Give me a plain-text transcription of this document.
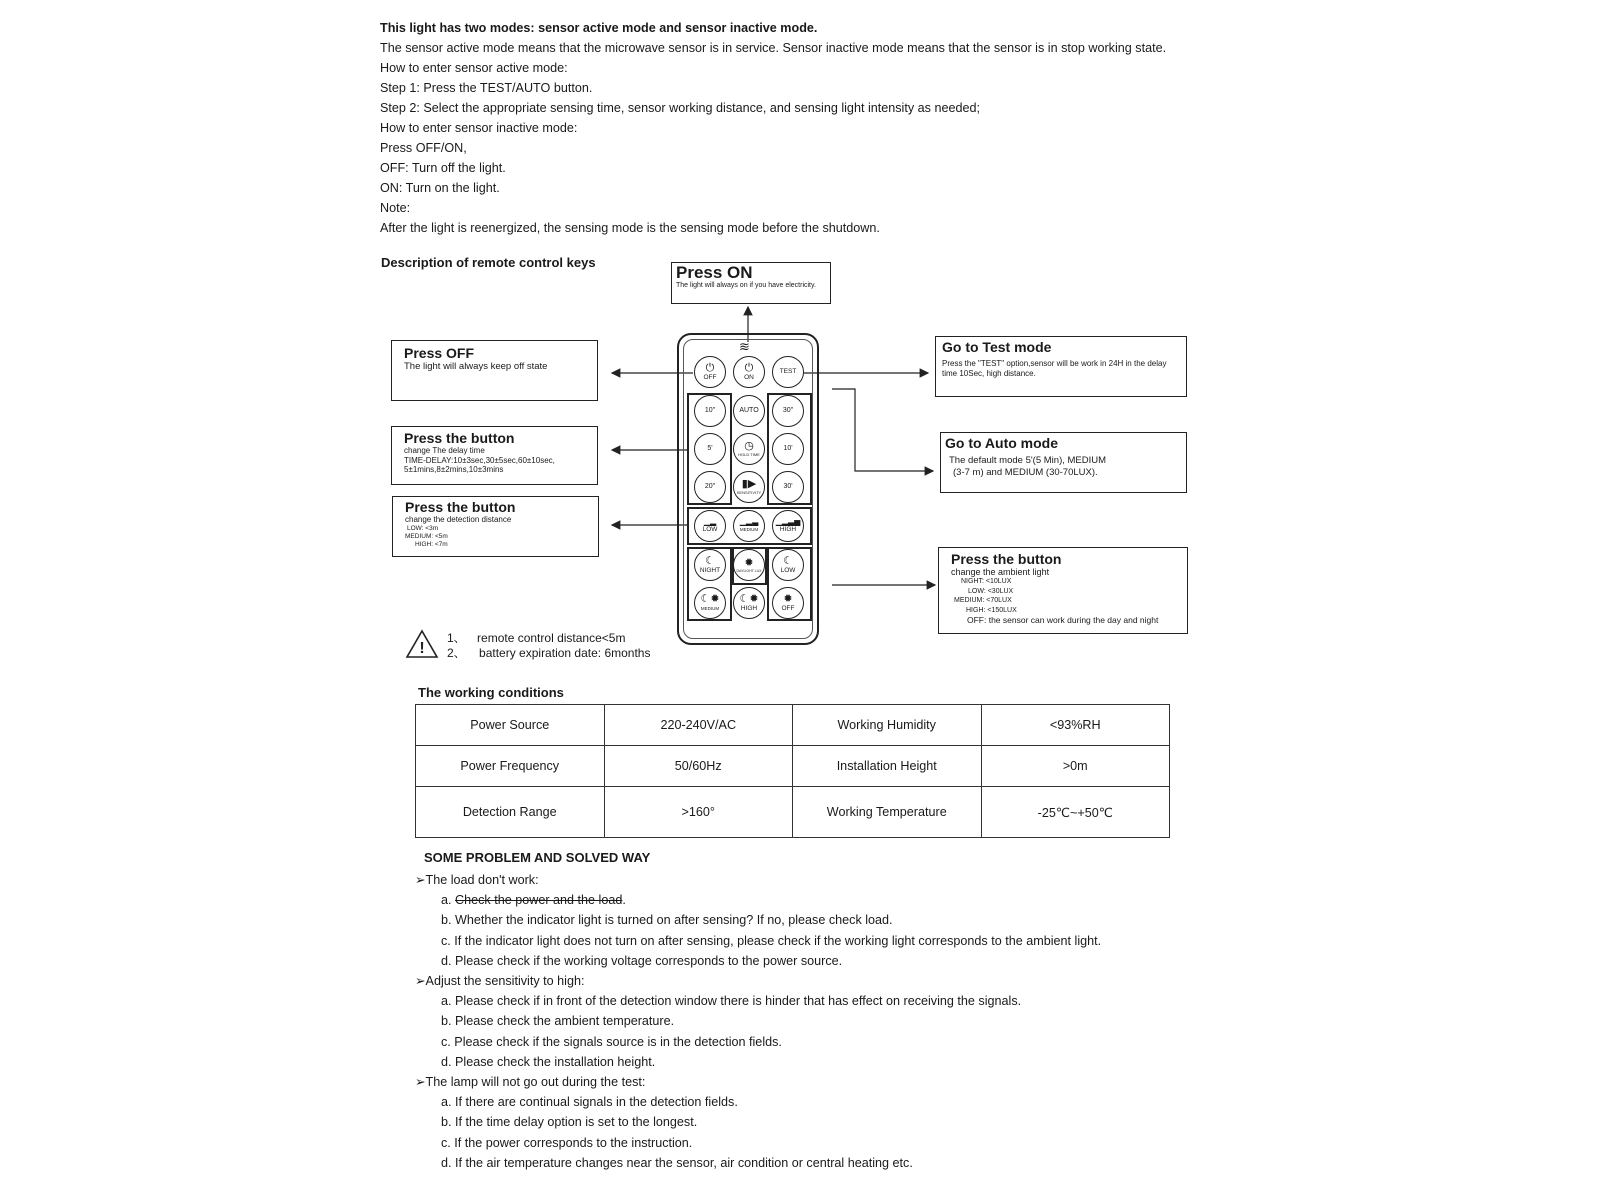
This light has two modes: sensor active mode and sensor inactive mode.
The sensor active mode means that the microwave sensor is in service. Sensor inactive mode means that the sensor is in stop working state.
How to enter sensor active mode:
Step 1: Press the TEST/AUTO button.
Step 2: Select the appropriate sensing time, sensor working distance, and sensing light intensity as needed;
How to enter sensor inactive mode:
Press OFF/ON,
OFF: Turn off the light.
ON: Turn on the light.
Note:
After the light is reenergized, the sensing mode is the sensing mode before the shutdown.
Description of remote control keys
Press ON
The light will always on if you have electricity.
Press OFF
The light will always keep off state
Press the button
change The delay time
TIME-DELAY:10±3sec,30±5sec,60±10sec,
5±1mins,8±2mins,10±3mins
Press the button
change the detection distance
LOW: <3m
MEDIUM: <5m
HIGH: <7m
Go to Test mode
Press the "TEST" option,sensor will be work in 24H in the delay time 10Sec, high distance.
Go to Auto mode
The default mode 5'(5 Min), MEDIUM
(3-7 m) and MEDIUM (30-70LUX).
Press the button
change the ambient light
NIGHT: <10LUX
LOW: <30LUX
MEDIUM: <70LUX
HIGH: <150LUX
OFF: the sensor can work during the day and night
≋
⏻
OFF
⏻
ON
TEST
10"	AUTO	30"
5'	◷
HOLD TIME
10'
20" ▮▶
SENSITIVITY
30'
▁▂
LOW
▁▂▃
MEDIUM
▁▂▃▅
HIGH
☾
NIGHT
✹
DAYLIGHT LUX
☾
LOW
☾✹
MEDIUM
☾✹
HIGH
✹
OFF
!
1、 remote control distance<5m
2、 battery expiration date: 6months
The working conditions
Power Source	220-240V/AC	Working Humidity	<93%RH
Power Frequency	50/60Hz	Installation Height	>0m
Detection Range	>160°	Working Temperature	-25℃~+50℃
SOME PROBLEM AND SOLVED WAY
➢The load don't work:
a. Check the power and the load.
b. Whether the indicator light is turned on after sensing? If no, please check load.
c. If the indicator light does not turn on after sensing, please check if the working light corresponds to the ambient light.
d. Please check if the working voltage corresponds to the power source.
➢Adjust the sensitivity to high:
a. Please check if in front of the detection window there is hinder that has effect on receiving the signals.
b. Please check the ambient temperature.
c. Please check if the signals source is in the detection fields.
d. Please check the installation height.
➢The lamp will not go out during the test:
a. If there are continual signals in the detection fields.
b. If the time delay option is set to the longest.
c. If the power corresponds to the instruction.
d. If the air temperature changes near the sensor, air condition or central heating etc.
